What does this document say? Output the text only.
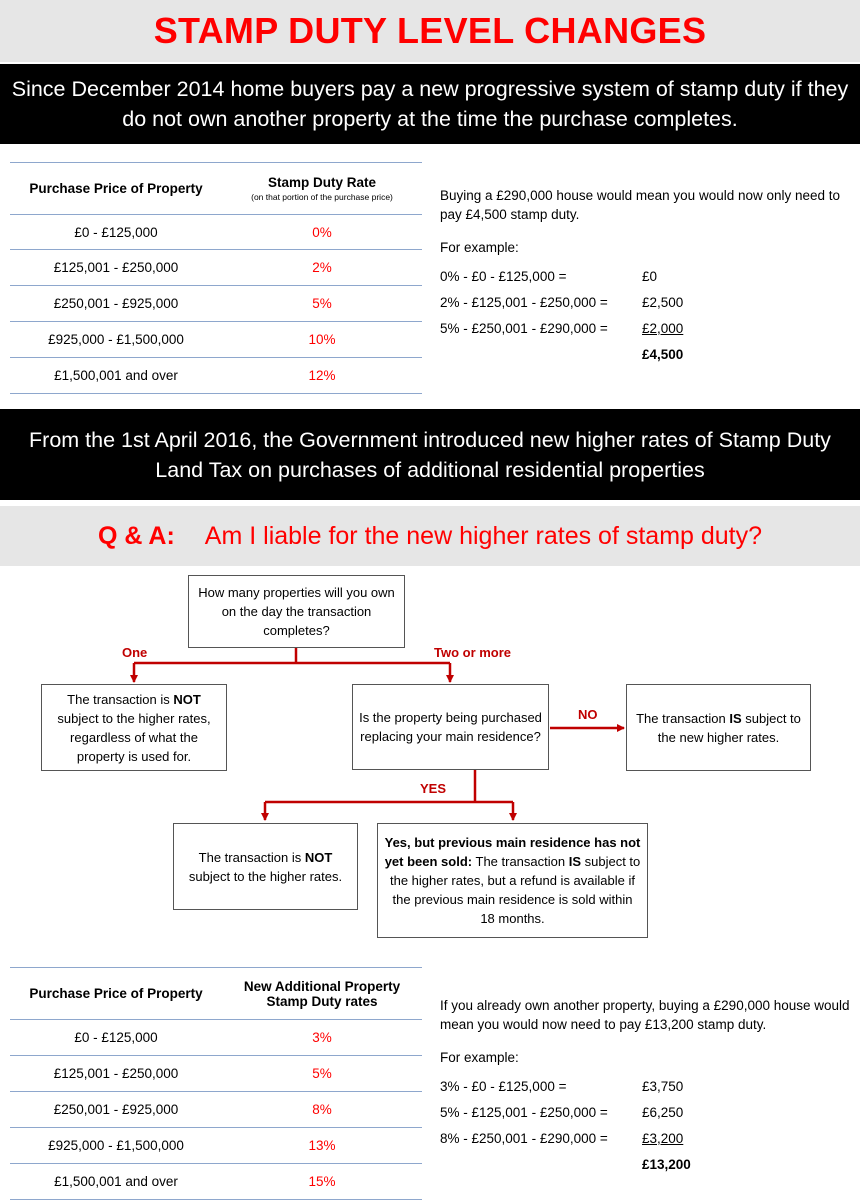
STAMP DUTY LEVEL CHANGES

Since December 2014 home buyers pay a new progressive system of stamp duty if they do not own another property at the time the purchase completes.

Purchase Price of Property	Stamp Duty Rate
(on that portion of the purchase price)

£0 - £125,000	0%
£125,001 - £250,000	2%
£250,001 - £925,000	5%
£925,000 - £1,500,000	10%
£1,500,001 and over	12%

Buying a £290,000 house would mean you would now only need to pay £4,500 stamp duty.

For example:

0% - £0 - £125,000 =	£0
2% - £125,001 - £250,000 =	£2,500
5% - £250,001 - £290,000 =	£2,000
£4,500

From the 1st April 2016, the Government introduced new higher rates of Stamp Duty Land Tax on purchases of additional residential properties

Q & A: Am I liable for the new higher rates of stamp duty?
How many properties will you own on the day the transaction completes?
One	Two or more
The transaction is NOT subject to the higher rates, regardless of what the property is used for.
Is the property being purchased replacing your main residence?
NO	The transaction IS subject to the new higher rates.
YES
The transaction is NOT subject to the higher rates.
Yes, but previous main residence has not yet been sold: The transaction IS subject to the higher rates, but a refund is available if the previous main residence is sold within 18 months.
Purchase Price of Property	New Additional Property Stamp Duty rates
£0 - £125,000	3%
£125,001 - £250,000	5%
£250,001 - £925,000	8%
£925,000 - £1,500,000	13%
£1,500,001 and over	15%

If you already own another property, buying a £290,000 house would mean you would now need to pay £13,200 stamp duty.

For example:

3% - £0 - £125,000 =	£3,750
5% - £125,001 - £250,000 =	£6,250
8% - £250,001 - £290,000 =	£3,200
£13,200
